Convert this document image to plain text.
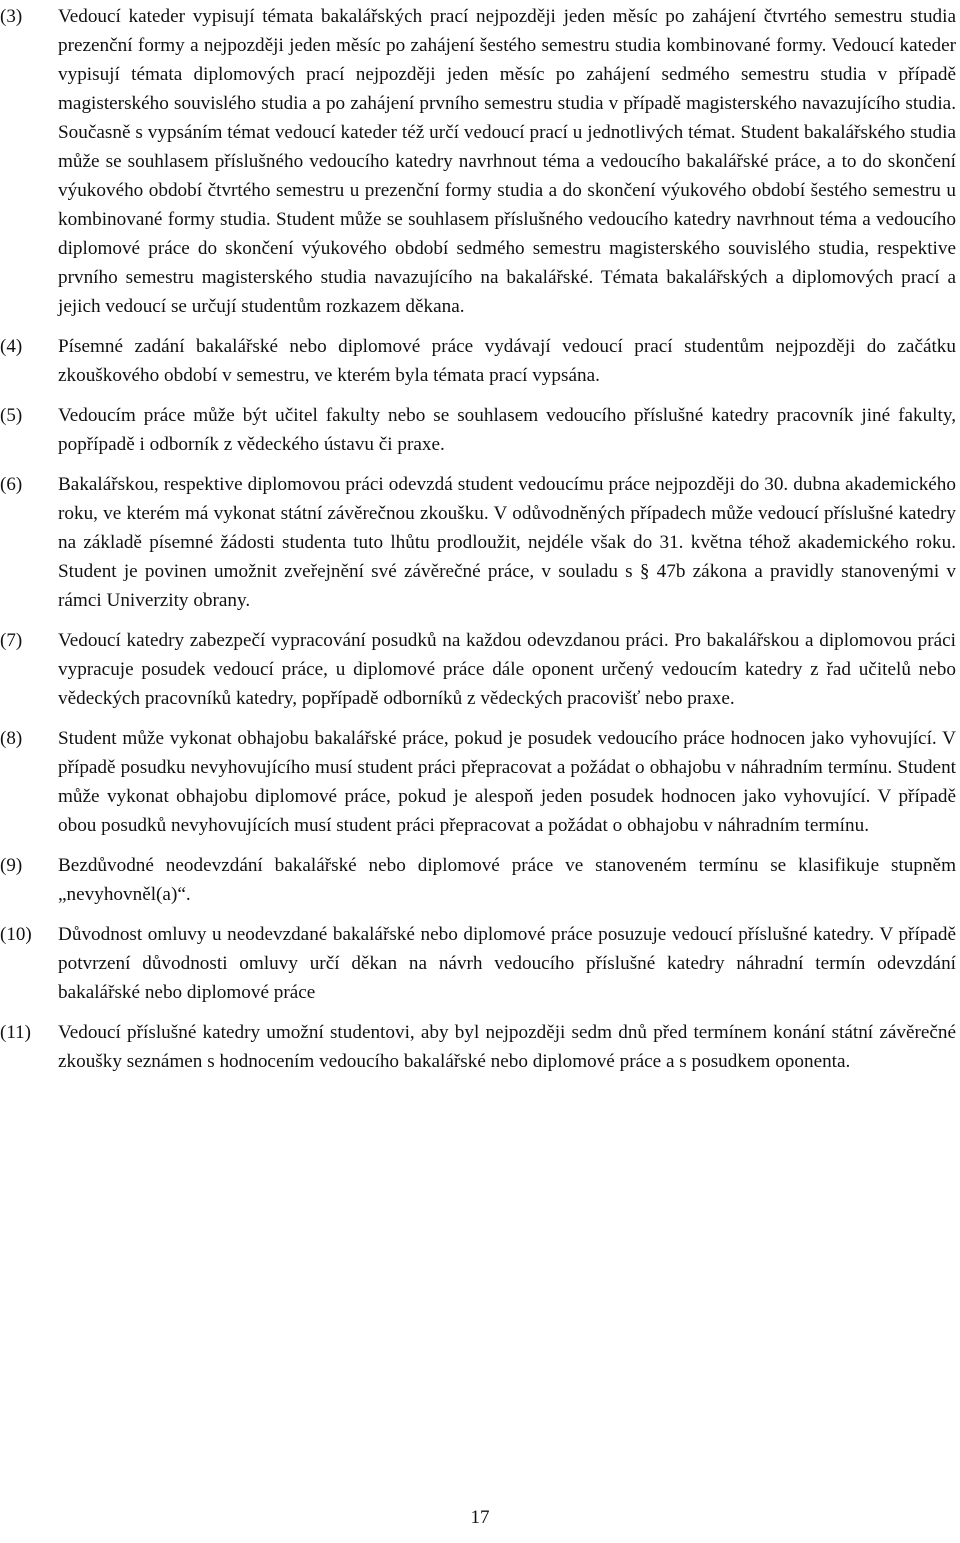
(3)	Vedoucí kateder vypisují témata bakalářských prací nejpozději jeden měsíc po zahájení čtvrtého semestru studia prezenční formy a nejpozději jeden měsíc po zahájení šestého semestru studia kombinované formy. Vedoucí kateder vypisují témata diplomových prací nejpozději jeden měsíc po zahájení sedmého semestru studia v případě magisterského souvislého studia a po zahájení prvního semestru studia v případě magisterského navazujícího studia. Současně s vypsáním témat vedoucí kateder též určí vedoucí prací u jednotlivých témat. Student bakalářského studia může se souhlasem příslušného vedoucího katedry navrhnout téma a vedoucího bakalářské práce, a to do skončení výukového období čtvrtého semestru u prezenční formy studia a do skončení výukového období šestého semestru u kombinované formy studia. Student může se souhlasem příslušného vedoucího katedry navrhnout téma a vedoucího diplomové práce do skončení výukového období sedmého semestru magisterského souvislého studia, respektive prvního semestru magisterského studia navazujícího na bakalářské. Témata bakalářských a diplomových prací a jejich vedoucí se určují studentům rozkazem děkana.
(4)	Písemné zadání bakalářské nebo diplomové práce vydávají vedoucí prací studentům nejpozději do začátku zkouškového období v semestru, ve kterém byla témata prací vypsána.
(5)	Vedoucím práce může být učitel fakulty nebo se souhlasem vedoucího příslušné katedry pracovník jiné fakulty, popřípadě i odborník z vědeckého ústavu či praxe.
(6)	Bakalářskou, respektive diplomovou práci odevzdá student vedoucímu práce nejpozději do 30. dubna akademického roku, ve kterém má vykonat státní závěrečnou zkoušku. V odůvodněných případech může vedoucí příslušné katedry na základě písemné žádosti studenta tuto lhůtu prodloužit, nejdéle však do 31. května téhož akademického roku. Student je povinen umožnit zveřejnění své závěrečné práce, v souladu s § 47b zákona a pravidly stanovenými v rámci Univerzity obrany.
(7)	Vedoucí katedry zabezpečí vypracování posudků na každou odevzdanou práci. Pro bakalářskou a diplomovou práci vypracuje posudek vedoucí práce, u diplomové práce dále oponent určený vedoucím katedry z řad učitelů nebo vědeckých pracovníků katedry, popřípadě odborníků z vědeckých pracovišť nebo praxe.
(8)	Student může vykonat obhajobu bakalářské práce, pokud je posudek vedoucího práce hodnocen jako vyhovující. V případě posudku nevyhovujícího musí student práci přepracovat a požádat o obhajobu v náhradním termínu. Student může vykonat obhajobu diplomové práce, pokud je alespoň jeden posudek hodnocen jako vyhovující. V případě obou posudků nevyhovujících musí student práci přepracovat a požádat o obhajobu v náhradním termínu.
(9)	Bezdůvodné neodevzdání bakalářské nebo diplomové práce ve stanoveném termínu se klasifikuje stupněm „nevyhovněl(a)“.
(10)	Důvodnost omluvy u neodevzdané bakalářské nebo diplomové práce posuzuje vedoucí příslušné katedry. V případě potvrzení důvodnosti omluvy určí děkan na návrh vedoucího příslušné katedry náhradní termín odevzdání bakalářské nebo diplomové práce
(11)	Vedoucí příslušné katedry umožní studentovi, aby byl nejpozději sedm dnů před termínem konání státní závěrečné zkoušky seznámen s hodnocením vedoucího bakalářské nebo diplomové práce a s posudkem oponenta.
17
